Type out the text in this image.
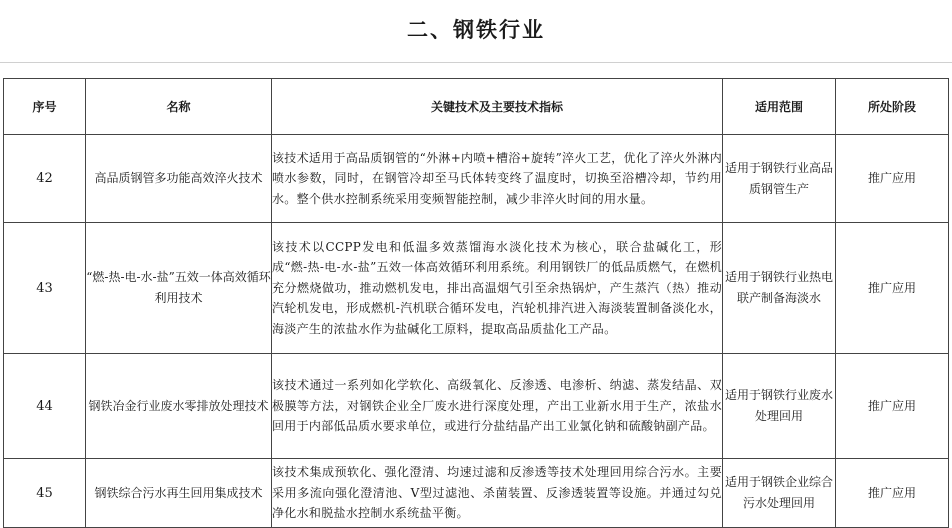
二、钢铁行业
序号	名称	关键技术及主要技术指标	适用范围	所处阶段
42	高品质钢管多功能高效淬火技术	该技术适用于高品质钢管的“外淋+内喷+槽浴+旋转”淬火工艺，优化了淬火外淋内喷水参数，同时，在钢管冷却至马氏体转变终了温度时，切换至浴槽冷却，节约用水。整个供水控制系统采用变频智能控制，减少非淬火时间的用水量。	适用于钢铁行业高品质钢管生产	推广应用
43	“燃-热-电-水-盐”五效一体高效循环利用技术	该技术以CCPP发电和低温多效蒸馏海水淡化技术为核心，联合盐碱化工，形成“燃-热-电-水-盐”五效一体高效循环利用系统。利用钢铁厂的低品质燃气，在燃机充分燃烧做功，推动燃机发电，排出高温烟气引至余热锅炉，产生蒸汽（热）推动汽轮机发电，形成燃机-汽机联合循环发电，汽轮机排汽进入海淡装置制备淡化水，海淡产生的浓盐水作为盐碱化工原料，提取高品质盐化工产品。	适用于钢铁行业热电联产制备海淡水	推广应用
44	钢铁冶金行业废水零排放处理技术	该技术通过一系列如化学软化、高级氧化、反渗透、电渗析、纳滤、蒸发结晶、双极膜等方法，对钢铁企业全厂废水进行深度处理，产出工业新水用于生产，浓盐水回用于内部低品质水要求单位，或进行分盐结晶产出工业氯化钠和硫酸钠副产品。	适用于钢铁行业废水处理回用	推广应用
45	钢铁综合污水再生回用集成技术	该技术集成预软化、强化澄清、均速过滤和反渗透等技术处理回用综合污水。主要采用多流向强化澄清池、V型过滤池、杀菌装置、反渗透装置等设施。并通过勾兑净化水和脱盐水控制水系统盐平衡。	适用于钢铁企业综合污水处理回用	推广应用
